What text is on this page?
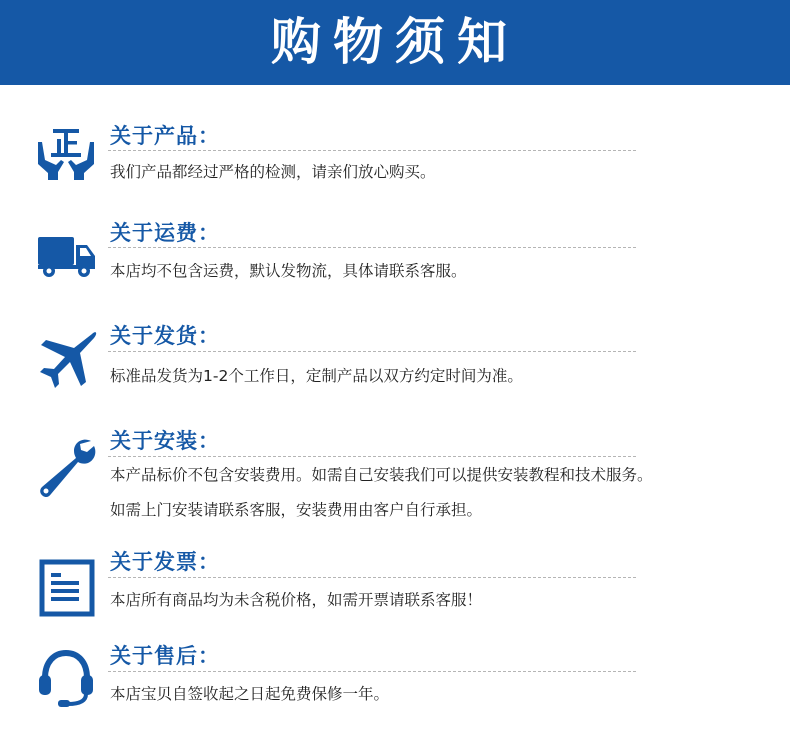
购物须知
关于产品：
我们产品都经过严格的检测，请亲们放心购买。
关于运费：
本店均不包含运费，默认发物流，具体请联系客服。
关于发货：
标准品发货为1-2个工作日，定制产品以双方约定时间为准。
关于安装：
本产品标价不包含安装费用。如需自己安装我们可以提供安装教程和技术服务。
如需上门安装请联系客服，安装费用由客户自行承担。
关于发票：
本店所有商品均为未含税价格，如需开票请联系客服！
关于售后：
本店宝贝自签收起之日起免费保修一年。
